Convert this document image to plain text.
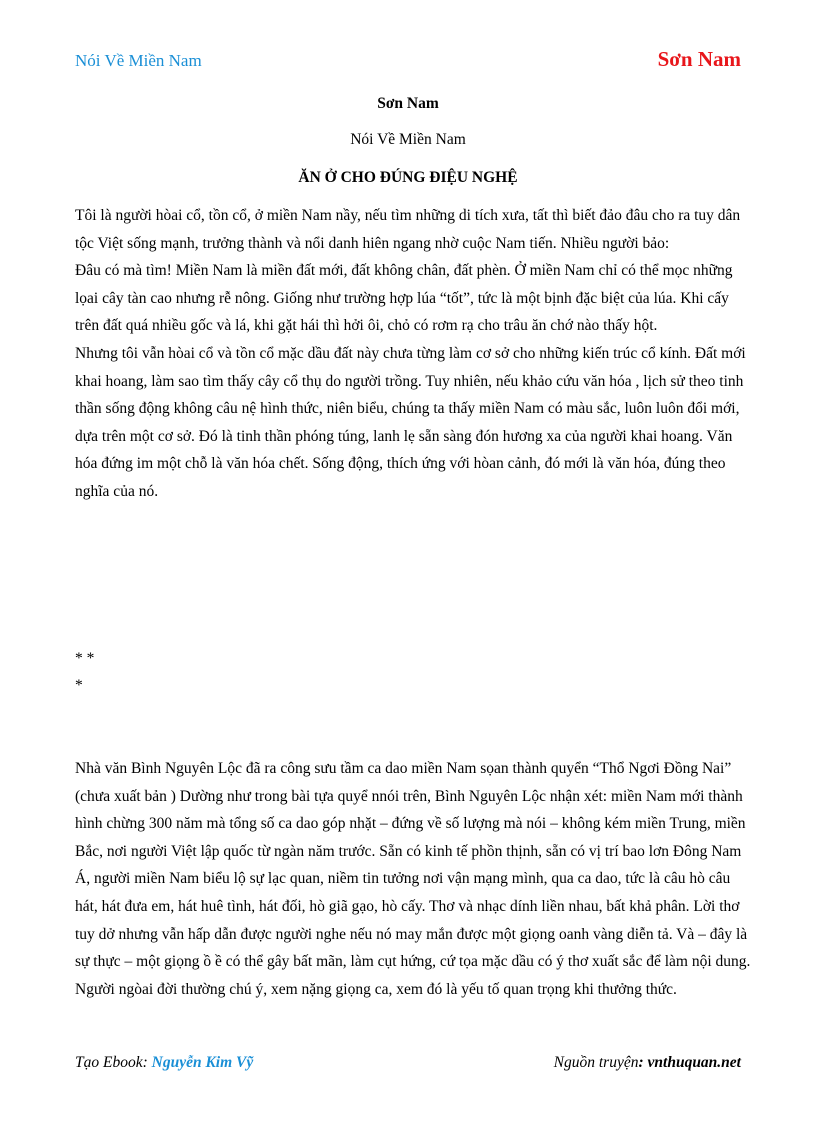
Nói Về Miền Nam	Sơn Nam
Sơn Nam
Nói Về Miền Nam
ĂN Ở CHO ĐÚNG ĐIỆU NGHỆ

Tôi là người hòai cổ, tồn cổ, ở miền Nam nầy, nếu tìm những di tích xưa, tất thì biết đảo đâu cho ra tuy dân tộc Việt sống mạnh, trưởng thành và nổi danh hiên ngang nhờ cuộc Nam tiến. Nhiều người bảo:

Đâu có mà tìm! Miền Nam là miền đất mới, đất không chân, đất phèn. Ở miền Nam chỉ có thể mọc những lọai cây tàn cao nhưng rễ nông. Giống như trường hợp lúa “tốt”, tức là một bịnh đặc biệt của lúa. Khi cấy trên đất quá nhiều gốc và lá, khi gặt hái thì hởi ôi, chỏ có rơm rạ cho trâu ăn chớ nào thấy hột.

Nhưng tôi vẫn hòai cổ và tồn cổ mặc dầu đất này chưa từng làm cơ sở cho những kiến trúc cổ kính. Đất mới khai hoang, làm sao tìm thấy cây cổ thụ do người trồng. Tuy nhiên, nếu khảo cứu văn hóa , lịch sử theo tinh thần sống động không câu nệ hình thức, niên biểu, chúng ta thấy miền Nam có màu sắc, luôn luôn đổi mới, dựa trên một cơ sở. Đó là tinh thần phóng túng, lanh lẹ sẵn sàng đón hương xa của người khai hoang. Văn hóa đứng im một chỗ là văn hóa chết. Sống động, thích ứng với hòan cảnh, đó mới là văn hóa, đúng theo nghĩa của nó.

* *
*

Nhà văn Bình Nguyên Lộc đã ra công sưu tầm ca dao miền Nam sọan thành quyển “Thổ Ngơi Đồng Nai” (chưa xuất bản ) Dường như trong bài tựa quyể nnói trên, Bình Nguyên Lộc nhận xét: miền Nam mới thành hình chừng 300 năm mà tổng số ca dao góp nhặt – đứng về số lượng mà nói – không kém miền Trung, miền Bắc, nơi người Việt lập quốc từ ngàn năm trước. Sẵn có kinh tế phồn thịnh, sẵn có vị trí bao lơn Đông Nam Á, người miền Nam biểu lộ sự lạc quan, niềm tin tưởng nơi vận mạng mình, qua ca dao, tức là câu hò câu hát, hát đưa em, hát huê tình, hát đối, hò giã gạo, hò cấy. Thơ và nhạc dính liền nhau, bất khả phân. Lời thơ tuy dở nhưng vẫn hấp dẫn được người nghe nếu nó may mắn được một giọng oanh vàng diễn tả. Và – đây là sự thực – một giọng ồ ề có thể gây bất mãn, làm cụt hứng, cứ tọa mặc dầu có ý thơ xuất sắc để làm nội dung.

Người ngòai đời thường chú ý, xem nặng giọng ca, xem đó là yếu tố quan trọng khi thưởng thức.

Tạo Ebook: Nguyễn Kim Vỹ	Nguồn truyện: vnthuquan.net
